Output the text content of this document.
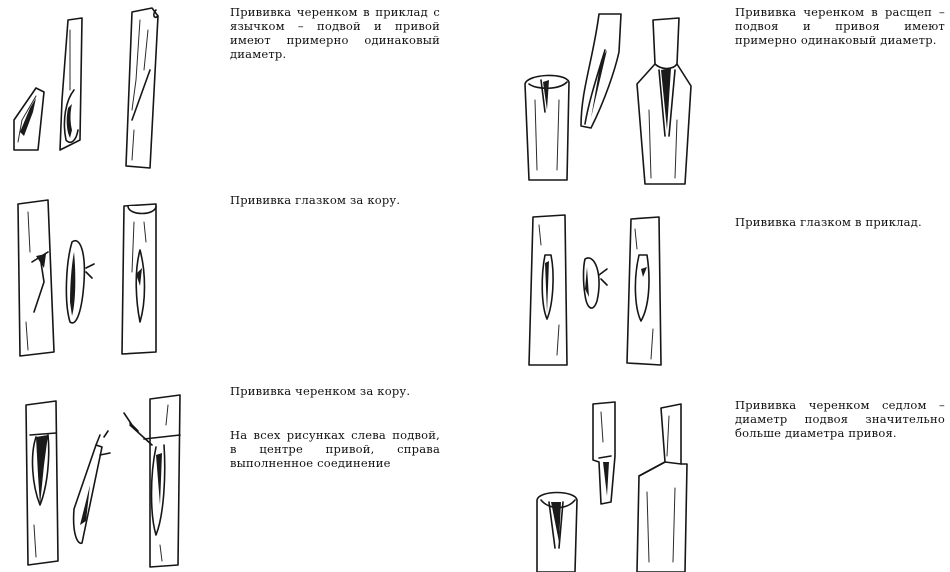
Прививка черенком в приклад с язычком – подвой и привой имеют примерно одинаковый диаметр.

Прививка глазком за кору.

Прививка черенком за кору.

На всех рисунках слева подвой, в центре привой, справа выполненное соединение

Прививка черенком в расщеп – подвоя и привоя имеют примерно одинаковый диаметр.

Прививка глазком в приклад.

Прививка черенком седлом – диаметр подвоя значительно больше диаметра привоя.
